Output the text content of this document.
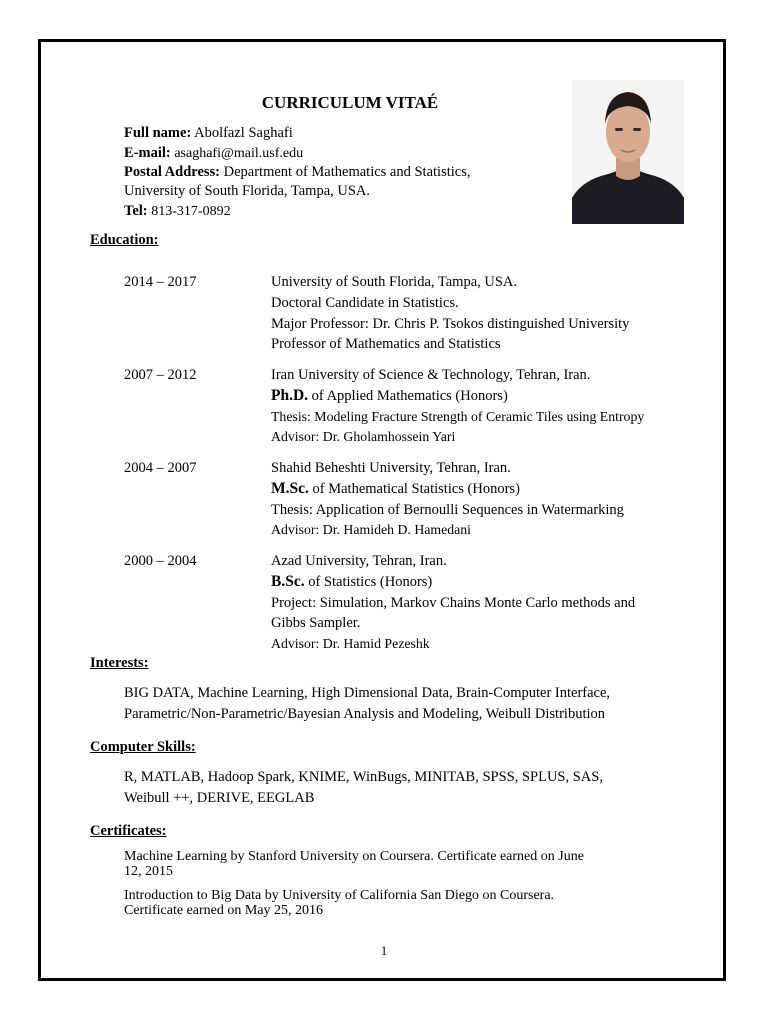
CURRICULUM VITAÉ
Full name: Abolfazl Saghafi
E-mail: asaghafi@mail.usf.edu
Postal Address: Department of Mathematics and Statistics,
University of South Florida, Tampa, USA.
Tel: 813-317-0892
Education:
2014 – 2017	University of South Florida, Tampa, USA.
Doctoral Candidate in Statistics.
Major Professor: Dr. Chris P. Tsokos distinguished University
Professor of Mathematics and Statistics
2007 – 2012	Iran University of Science & Technology, Tehran, Iran.
Ph.D. of Applied Mathematics (Honors)
Thesis: Modeling Fracture Strength of Ceramic Tiles using Entropy
Advisor: Dr. Gholamhossein Yari
2004 – 2007	Shahid Beheshti University, Tehran, Iran.
M.Sc. of Mathematical Statistics (Honors)
Thesis: Application of Bernoulli Sequences in Watermarking
Advisor: Dr. Hamideh D. Hamedani
2000 – 2004	Azad University, Tehran, Iran.
B.Sc. of Statistics (Honors)
Project: Simulation, Markov Chains Monte Carlo methods and
Gibbs Sampler.
Advisor: Dr. Hamid Pezeshk
Interests:
BIG DATA, Machine Learning, High Dimensional Data, Brain-Computer Interface,
Parametric/Non-Parametric/Bayesian Analysis and Modeling, Weibull Distribution
Computer Skills:
R, MATLAB, Hadoop Spark, KNIME, WinBugs, MINITAB, SPSS, SPLUS, SAS,
Weibull ++, DERIVE, EEGLAB
Certificates:
Machine Learning by Stanford University on Coursera. Certificate earned on June
12, 2015
Introduction to Big Data by University of California San Diego on Coursera.
Certificate earned on May 25, 2016
1
